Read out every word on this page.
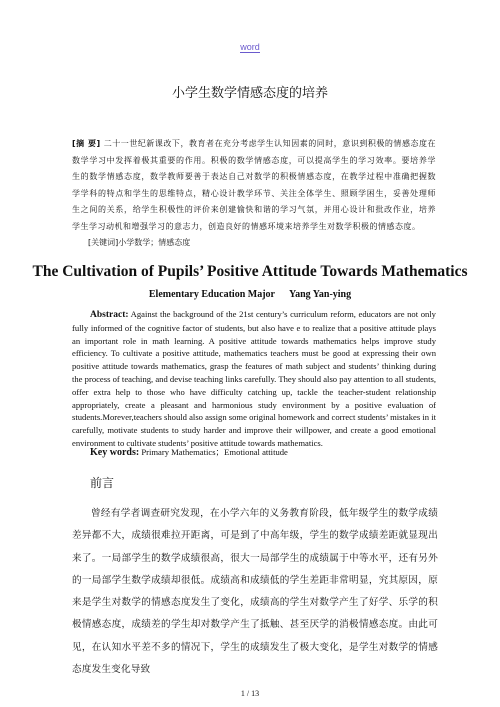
word
小学生数学情感态度的培养
[摘 要] 二十一世纪新课改下，教育者在充分考虑学生认知因素的同时，意识到积极的情感态度在数学学习中发挥着极其重要的作用。积极的数学情感态度，可以提高学生的学习效率。要培养学生的数学情感态度，数学教师要善于表达自己对数学的积极情感态度，在教学过程中准确把握数学学科的特点和学生的思维特点，精心设计教学环节、关注全体学生、照顾学困生，妥善处理师生之间的关系，给学生积极性的评价来创建愉快和谐的学习气氛，并用心设计和批改作业，培养学生学习动机和增强学习的意志力，创造良好的情感环境来培养学生对数学积极的情感态度。
[关键词]小学数学；情感态度
The Cultivation of Pupils’ Positive Attitude Towards Mathematics
Elementary Education Major Yang Yan-ying
Abstract: Against the background of the 21st century’s curriculum reform, educators are not only fully informed of the cognitive factor of students, but also have e to realize that a positive attitude plays an important role in math learning. A positive attitude towards mathematics helps improve study efficiency. To cultivate a positive attitude, mathematics teachers must be good at expressing their own positive attitude towards mathematics, grasp the features of math subject and students’ thinking during the process of teaching, and devise teaching links carefully. They should also pay attention to all students, offer extra help to those who have difficulty catching up, tackle the teacher-student relationship appropriately, create a pleasant and harmonious study environment by a positive evaluation of students.Morever,teachers should also assign some original homework and correct students’ mistakes in it carefully, motivate students to study harder and improve their willpower, and create a good emotional environment to cultivate students’ positive attitude towards mathematics.
Key words: Primary Mathematics；Emotional attitude
前言
曾经有学者调查研究发现，在小学六年的义务教育阶段，低年级学生的数学成绩差异都不大，成绩很难拉开距离，可是到了中高年级，学生的数学成绩差距就显现出来了。一局部学生的数学成绩很高，很大一局部学生的成绩属于中等水平，还有另外的一局部学生数学成绩却很低。成绩高和成绩低的学生差距非常明显，究其原因，原来是学生对数学的情感态度发生了变化，成绩高的学生对数学产生了好学、乐学的积极情感态度，成绩差的学生却对数学产生了抵触、甚至厌学的消极情感态度。由此可见，在认知水平差不多的情况下，学生的成绩发生了极大变化，是学生对数学的情感态度发生变化导致
1 / 13
